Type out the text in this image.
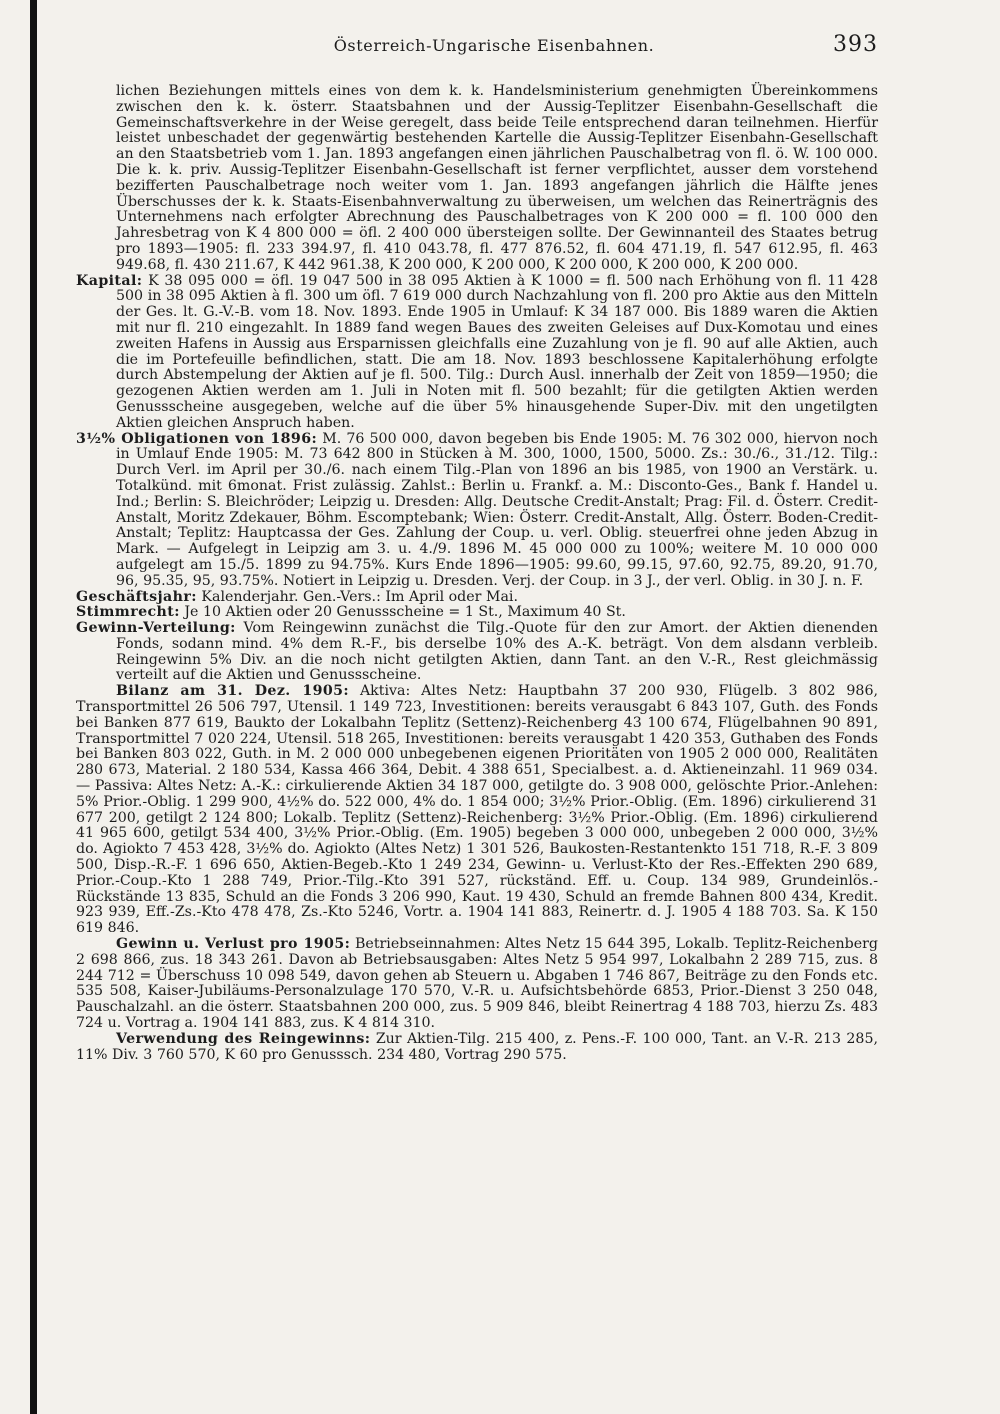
Österreich-Ungarische Eisenbahnen.	393

lichen Beziehungen mittels eines von dem k. k. Handelsministerium genehmigten Übereinkommens zwischen den k. k. österr. Staatsbahnen und der Aussig-Teplitzer Eisenbahn-Gesellschaft die Gemeinschaftsverkehre in der Weise geregelt, dass beide Teile entsprechend daran teilnehmen. Hierfür leistet unbeschadet der gegenwärtig bestehenden Kartelle die Aussig-Teplitzer Eisenbahn-Gesellschaft an den Staatsbetrieb vom 1. Jan. 1893 angefangen einen jährlichen Pauschalbetrag von fl. ö. W. 100 000. Die k. k. priv. Aussig-Teplitzer Eisenbahn-Gesellschaft ist ferner verpflichtet, ausser dem vorstehend bezifferten Pauschalbetrage noch weiter vom 1. Jan. 1893 angefangen jährlich die Hälfte jenes Überschusses der k. k. Staats-Eisenbahnverwaltung zu überweisen, um welchen das Reinerträgnis des Unternehmens nach erfolgter Abrechnung des Pauschalbetrages von K 200 000 = fl. 100 000 den Jahresbetrag von K 4 800 000 = öfl. 2 400 000 übersteigen sollte. Der Gewinnanteil des Staates betrug pro 1893—1905: fl. 233 394.97, fl. 410 043.78, fl. 477 876.52, fl. 604 471.19, fl. 547 612.95, fl. 463 949.68, fl. 430 211.67, K 442 961.38, K 200 000, K 200 000, K 200 000, K 200 000, K 200 000.

Kapital: K 38 095 000 = öfl. 19 047 500 in 38 095 Aktien à K 1000 = fl. 500 nach Erhöhung von fl. 11 428 500 in 38 095 Aktien à fl. 300 um öfl. 7 619 000 durch Nachzahlung von fl. 200 pro Aktie aus den Mitteln der Ges. lt. G.-V.-B. vom 18. Nov. 1893. Ende 1905 in Umlauf: K 34 187 000. Bis 1889 waren die Aktien mit nur fl. 210 eingezahlt. In 1889 fand wegen Baues des zweiten Geleises auf Dux-Komotau und eines zweiten Hafens in Aussig aus Ersparnissen gleichfalls eine Zuzahlung von je fl. 90 auf alle Aktien, auch die im Portefeuille befindlichen, statt. Die am 18. Nov. 1893 beschlossene Kapitalerhöhung erfolgte durch Abstempelung der Aktien auf je fl. 500. Tilg.: Durch Ausl. innerhalb der Zeit von 1859—1950; die gezogenen Aktien werden am 1. Juli in Noten mit fl. 500 bezahlt; für die getilgten Aktien werden Genussscheine ausgegeben, welche auf die über 5% hinausgehende Super-Div. mit den ungetilgten Aktien gleichen Anspruch haben.

3½% Obligationen von 1896: M. 76 500 000, davon begeben bis Ende 1905: M. 76 302 000, hiervon noch in Umlauf Ende 1905: M. 73 642 800 in Stücken à M. 300, 1000, 1500, 5000. Zs.: 30./6., 31./12. Tilg.: Durch Verl. im April per 30./6. nach einem Tilg.-Plan von 1896 an bis 1985, von 1900 an Verstärk. u. Totalkünd. mit 6monat. Frist zulässig. Zahlst.: Berlin u. Frankf. a. M.: Disconto-Ges., Bank f. Handel u. Ind.; Berlin: S. Bleichröder; Leipzig u. Dresden: Allg. Deutsche Credit-Anstalt; Prag: Fil. d. Österr. Credit-Anstalt, Moritz Zdekauer, Böhm. Escomptebank; Wien: Österr. Credit-Anstalt, Allg. Österr. Boden-Credit-Anstalt; Teplitz: Hauptcassa der Ges. Zahlung der Coup. u. verl. Oblig. steuerfrei ohne jeden Abzug in Mark. — Aufgelegt in Leipzig am 3. u. 4./9. 1896 M. 45 000 000 zu 100%; weitere M. 10 000 000 aufgelegt am 15./5. 1899 zu 94.75%. Kurs Ende 1896—1905: 99.60, 99.15, 97.60, 92.75, 89.20, 91.70, 96, 95.35, 95, 93.75%. Notiert in Leipzig u. Dresden. Verj. der Coup. in 3 J., der verl. Oblig. in 30 J. n. F.

Geschäftsjahr: Kalenderjahr. Gen.-Vers.: Im April oder Mai.

Stimmrecht: Je 10 Aktien oder 20 Genussscheine = 1 St., Maximum 40 St.

Gewinn-Verteilung: Vom Reingewinn zunächst die Tilg.-Quote für den zur Amort. der Aktien dienenden Fonds, sodann mind. 4% dem R.-F., bis derselbe 10% des A.-K. beträgt. Von dem alsdann verbleib. Reingewinn 5% Div. an die noch nicht getilgten Aktien, dann Tant. an den V.-R., Rest gleichmässig verteilt auf die Aktien und Genussscheine.

Bilanz am 31. Dez. 1905: Aktiva: Altes Netz: Hauptbahn 37 200 930, Flügelb. 3 802 986, Transportmittel 26 506 797, Utensil. 1 149 723, Investitionen: bereits verausgabt 6 843 107, Guth. des Fonds bei Banken 877 619, Baukto der Lokalbahn Teplitz (Settenz)-Reichenberg 43 100 674, Flügelbahnen 90 891, Transportmittel 7 020 224, Utensil. 518 265, Investitionen: bereits verausgabt 1 420 353, Guthaben des Fonds bei Banken 803 022, Guth. in M. 2 000 000 unbegebenen eigenen Prioritäten von 1905 2 000 000, Realitäten 280 673, Material. 2 180 534, Kassa 466 364, Debit. 4 388 651, Specialbest. a. d. Aktieneinzahl. 11 969 034. — Passiva: Altes Netz: A.-K.: cirkulierende Aktien 34 187 000, getilgte do. 3 908 000, gelöschte Prior.-Anlehen: 5% Prior.-Oblig. 1 299 900, 4½% do. 522 000, 4% do. 1 854 000; 3½% Prior.-Oblig. (Em. 1896) cirkulierend 31 677 200, getilgt 2 124 800; Lokalb. Teplitz (Settenz)-Reichenberg: 3½% Prior.-Oblig. (Em. 1896) cirkulierend 41 965 600, getilgt 534 400, 3½% Prior.-Oblig. (Em. 1905) begeben 3 000 000, unbegeben 2 000 000, 3½% do. Agiokto 7 453 428, 3½% do. Agiokto (Altes Netz) 1 301 526, Baukosten-Restantenkto 151 718, R.-F. 3 809 500, Disp.-R.-F. 1 696 650, Aktien-Begeb.-Kto 1 249 234, Gewinn- u. Verlust-Kto der Res.-Effekten 290 689, Prior.-Coup.-Kto 1 288 749, Prior.-Tilg.-Kto 391 527, rückständ. Eff. u. Coup. 134 989, Grundeinlös.-Rückstände 13 835, Schuld an die Fonds 3 206 990, Kaut. 19 430, Schuld an fremde Bahnen 800 434, Kredit. 923 939, Eff.-Zs.-Kto 478 478, Zs.-Kto 5246, Vortr. a. 1904 141 883, Reinertr. d. J. 1905 4 188 703. Sa. K 150 619 846.

Gewinn u. Verlust pro 1905: Betriebseinnahmen: Altes Netz 15 644 395, Lokalb. Teplitz-Reichenberg 2 698 866, zus. 18 343 261. Davon ab Betriebsausgaben: Altes Netz 5 954 997, Lokalbahn 2 289 715, zus. 8 244 712 = Überschuss 10 098 549, davon gehen ab Steuern u. Abgaben 1 746 867, Beiträge zu den Fonds etc. 535 508, Kaiser-Jubiläums-Personalzulage 170 570, V.-R. u. Aufsichtsbehörde 6853, Prior.-Dienst 3 250 048, Pauschalzahl. an die österr. Staatsbahnen 200 000, zus. 5 909 846, bleibt Reinertrag 4 188 703, hierzu Zs. 483 724 u. Vortrag a. 1904 141 883, zus. K 4 814 310.

Verwendung des Reingewinns: Zur Aktien-Tilg. 215 400, z. Pens.-F. 100 000, Tant. an V.-R. 213 285, 11% Div. 3 760 570, K 60 pro Genusssch. 234 480, Vortrag 290 575.
